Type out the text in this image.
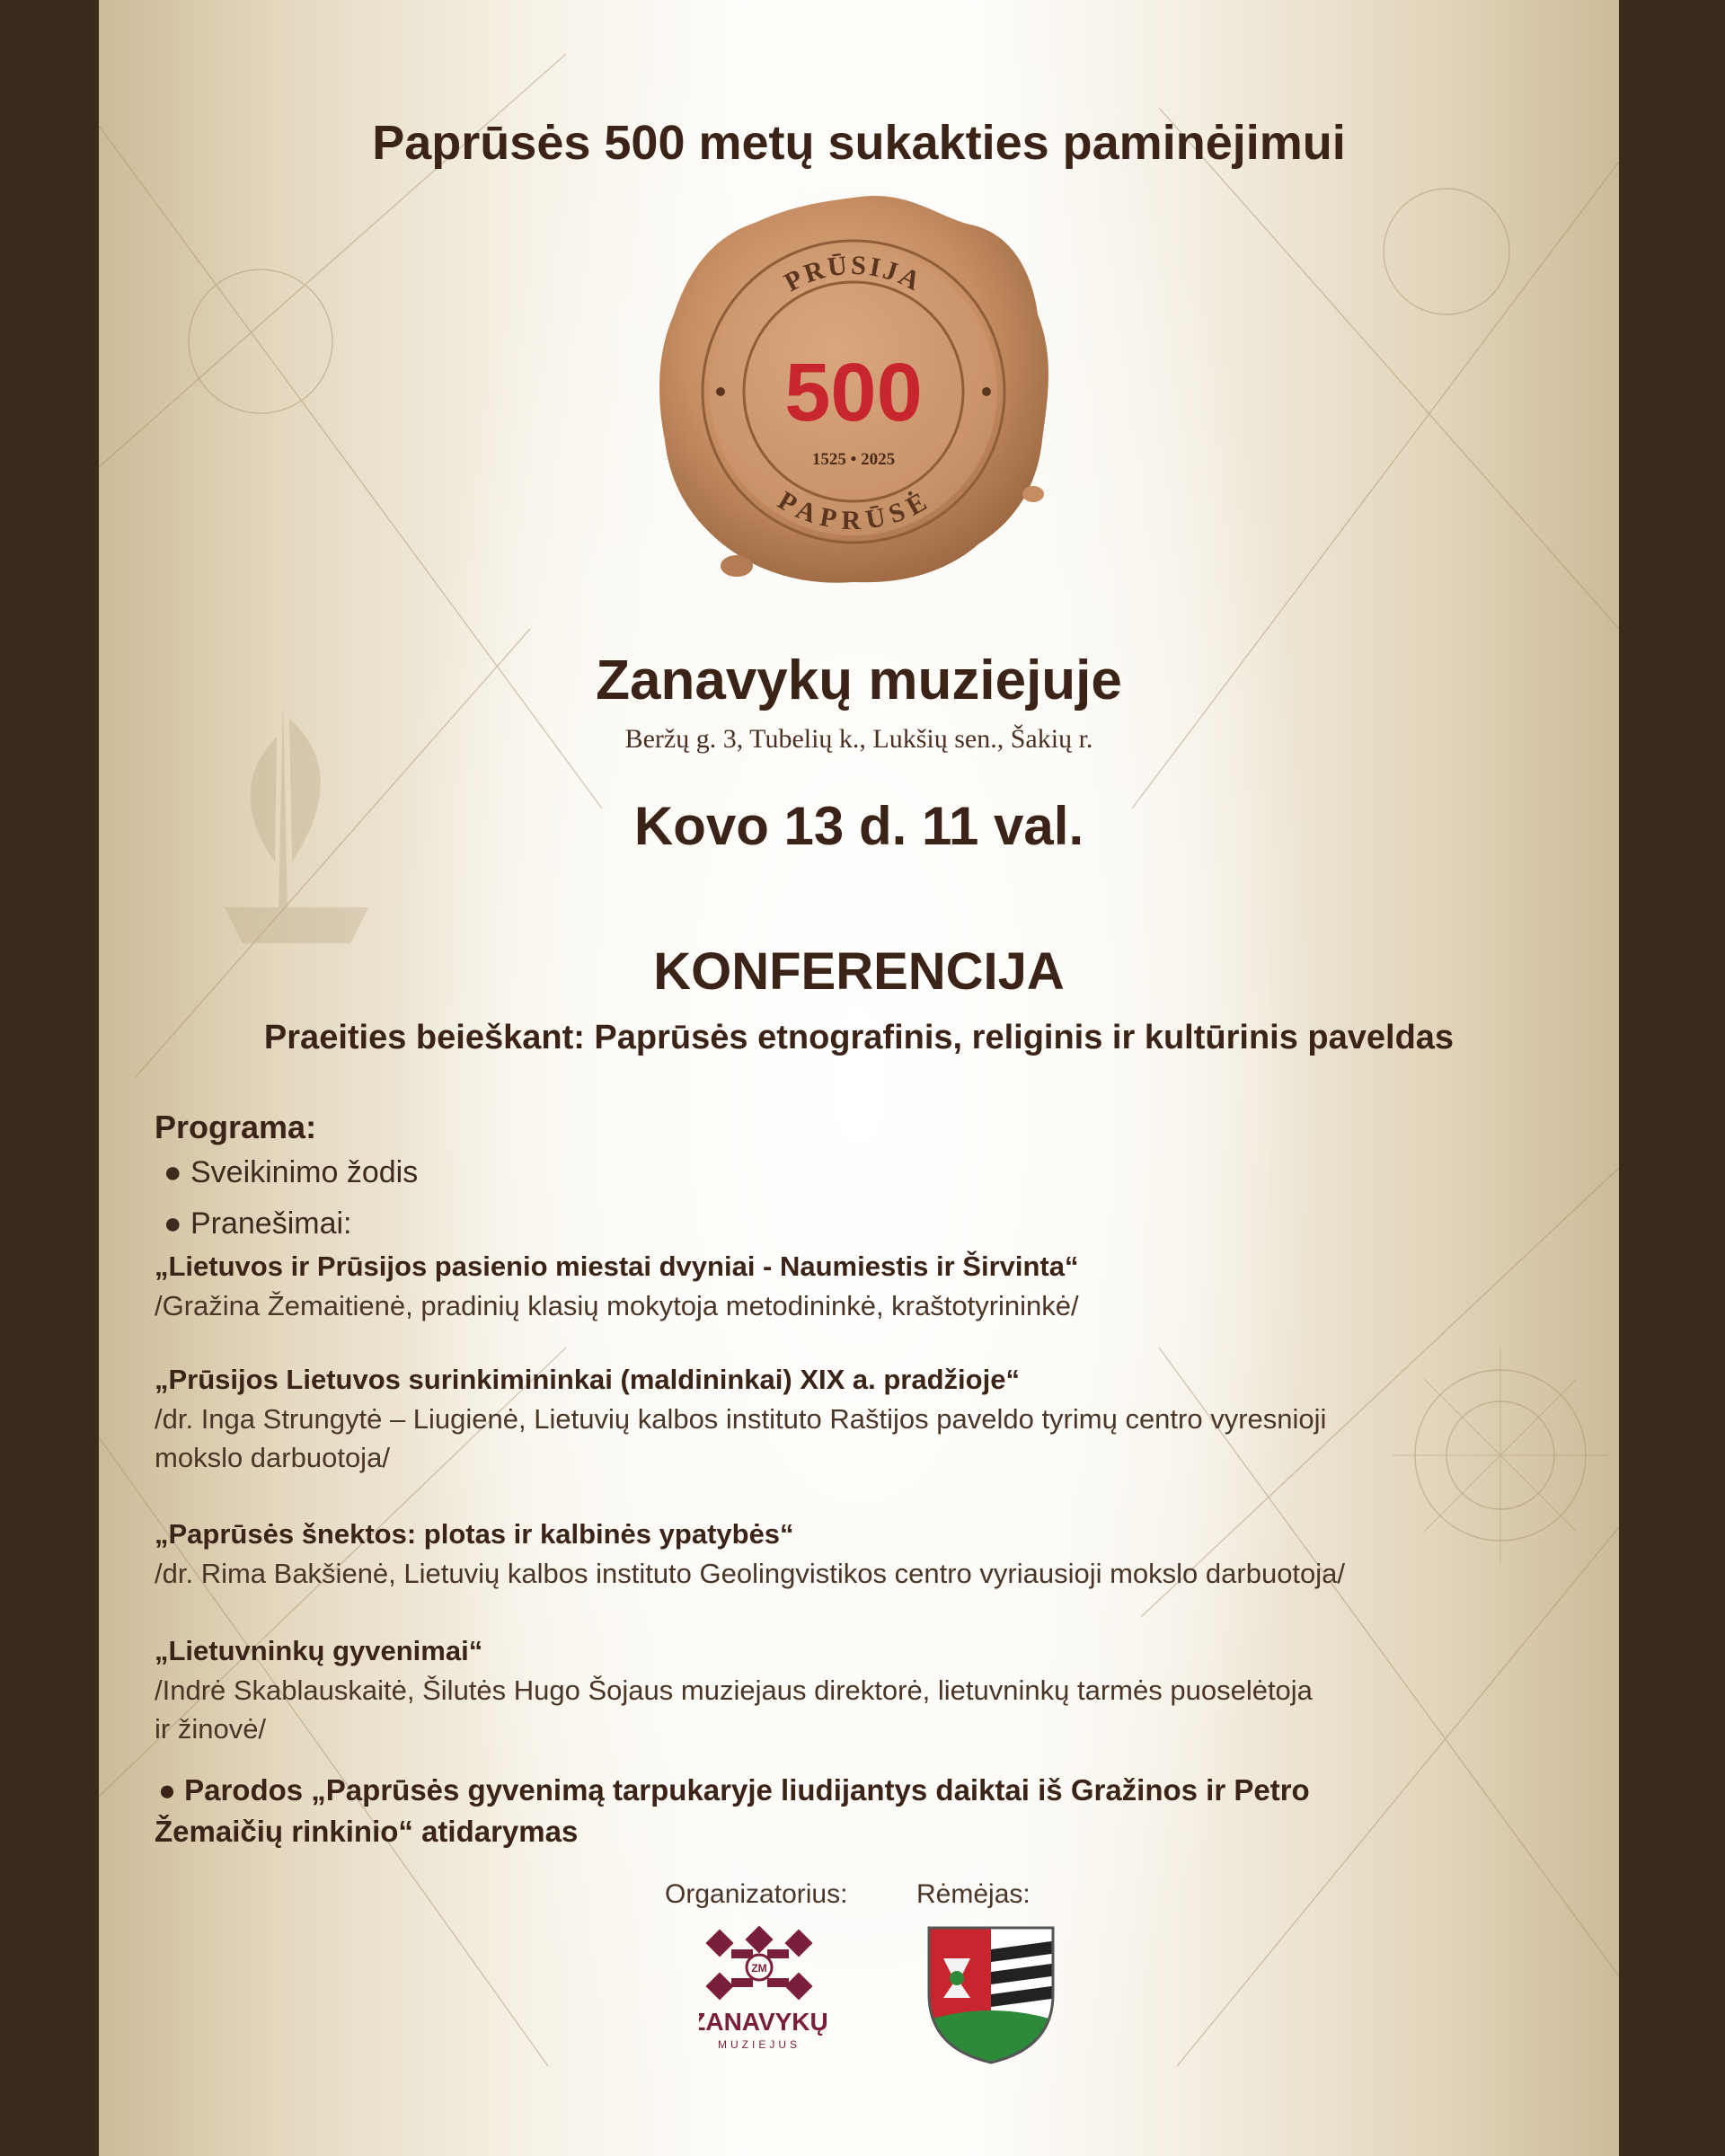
Paprūsės 500 metų sukakties paminėjimui
PRŪSIJA
PAPRŪSĖ
500
1525 • 2025
Zanavykų muziejuje
Beržų g. 3, Tubelių k., Lukšių sen., Šakių r.
Kovo 13 d. 11 val.
KONFERENCIJA
Praeities beieškant: Paprūsės etnografinis, religinis ir kultūrinis paveldas
Programa:
● Sveikinimo žodis
● Pranešimai:
„Lietuvos ir Prūsijos pasienio miestai dvyniai - Naumiestis ir Širvinta“
/Gražina Žemaitienė, pradinių klasių mokytoja metodininkė, kraštotyrininkė/
„Prūsijos Lietuvos surinkimininkai (maldininkai) XIX a. pradžioje“
/dr. Inga Strungytė – Liugienė, Lietuvių kalbos instituto Raštijos paveldo tyrimų centro vyresnioji
mokslo darbuotoja/
„Paprūsės šnektos: plotas ir kalbinės ypatybės“
/dr. Rima Bakšienė, Lietuvių kalbos instituto Geolingvistikos centro vyriausioji mokslo darbuotoja/
„Lietuvninkų gyvenimai“
/Indrė Skablauskaitė, Šilutės Hugo Šojaus muziejaus direktorė, lietuvninkų tarmės puoselėtoja
ir žinovė/
● Parodos „Paprūsės gyvenimą tarpukaryje liudijantys daiktai iš Gražinos ir Petro
Žemaičių rinkinio“ atidarymas
Organizatorius:	Rėmėjas:
ZM
ZANAVYKŲ
MUZIEJUS
